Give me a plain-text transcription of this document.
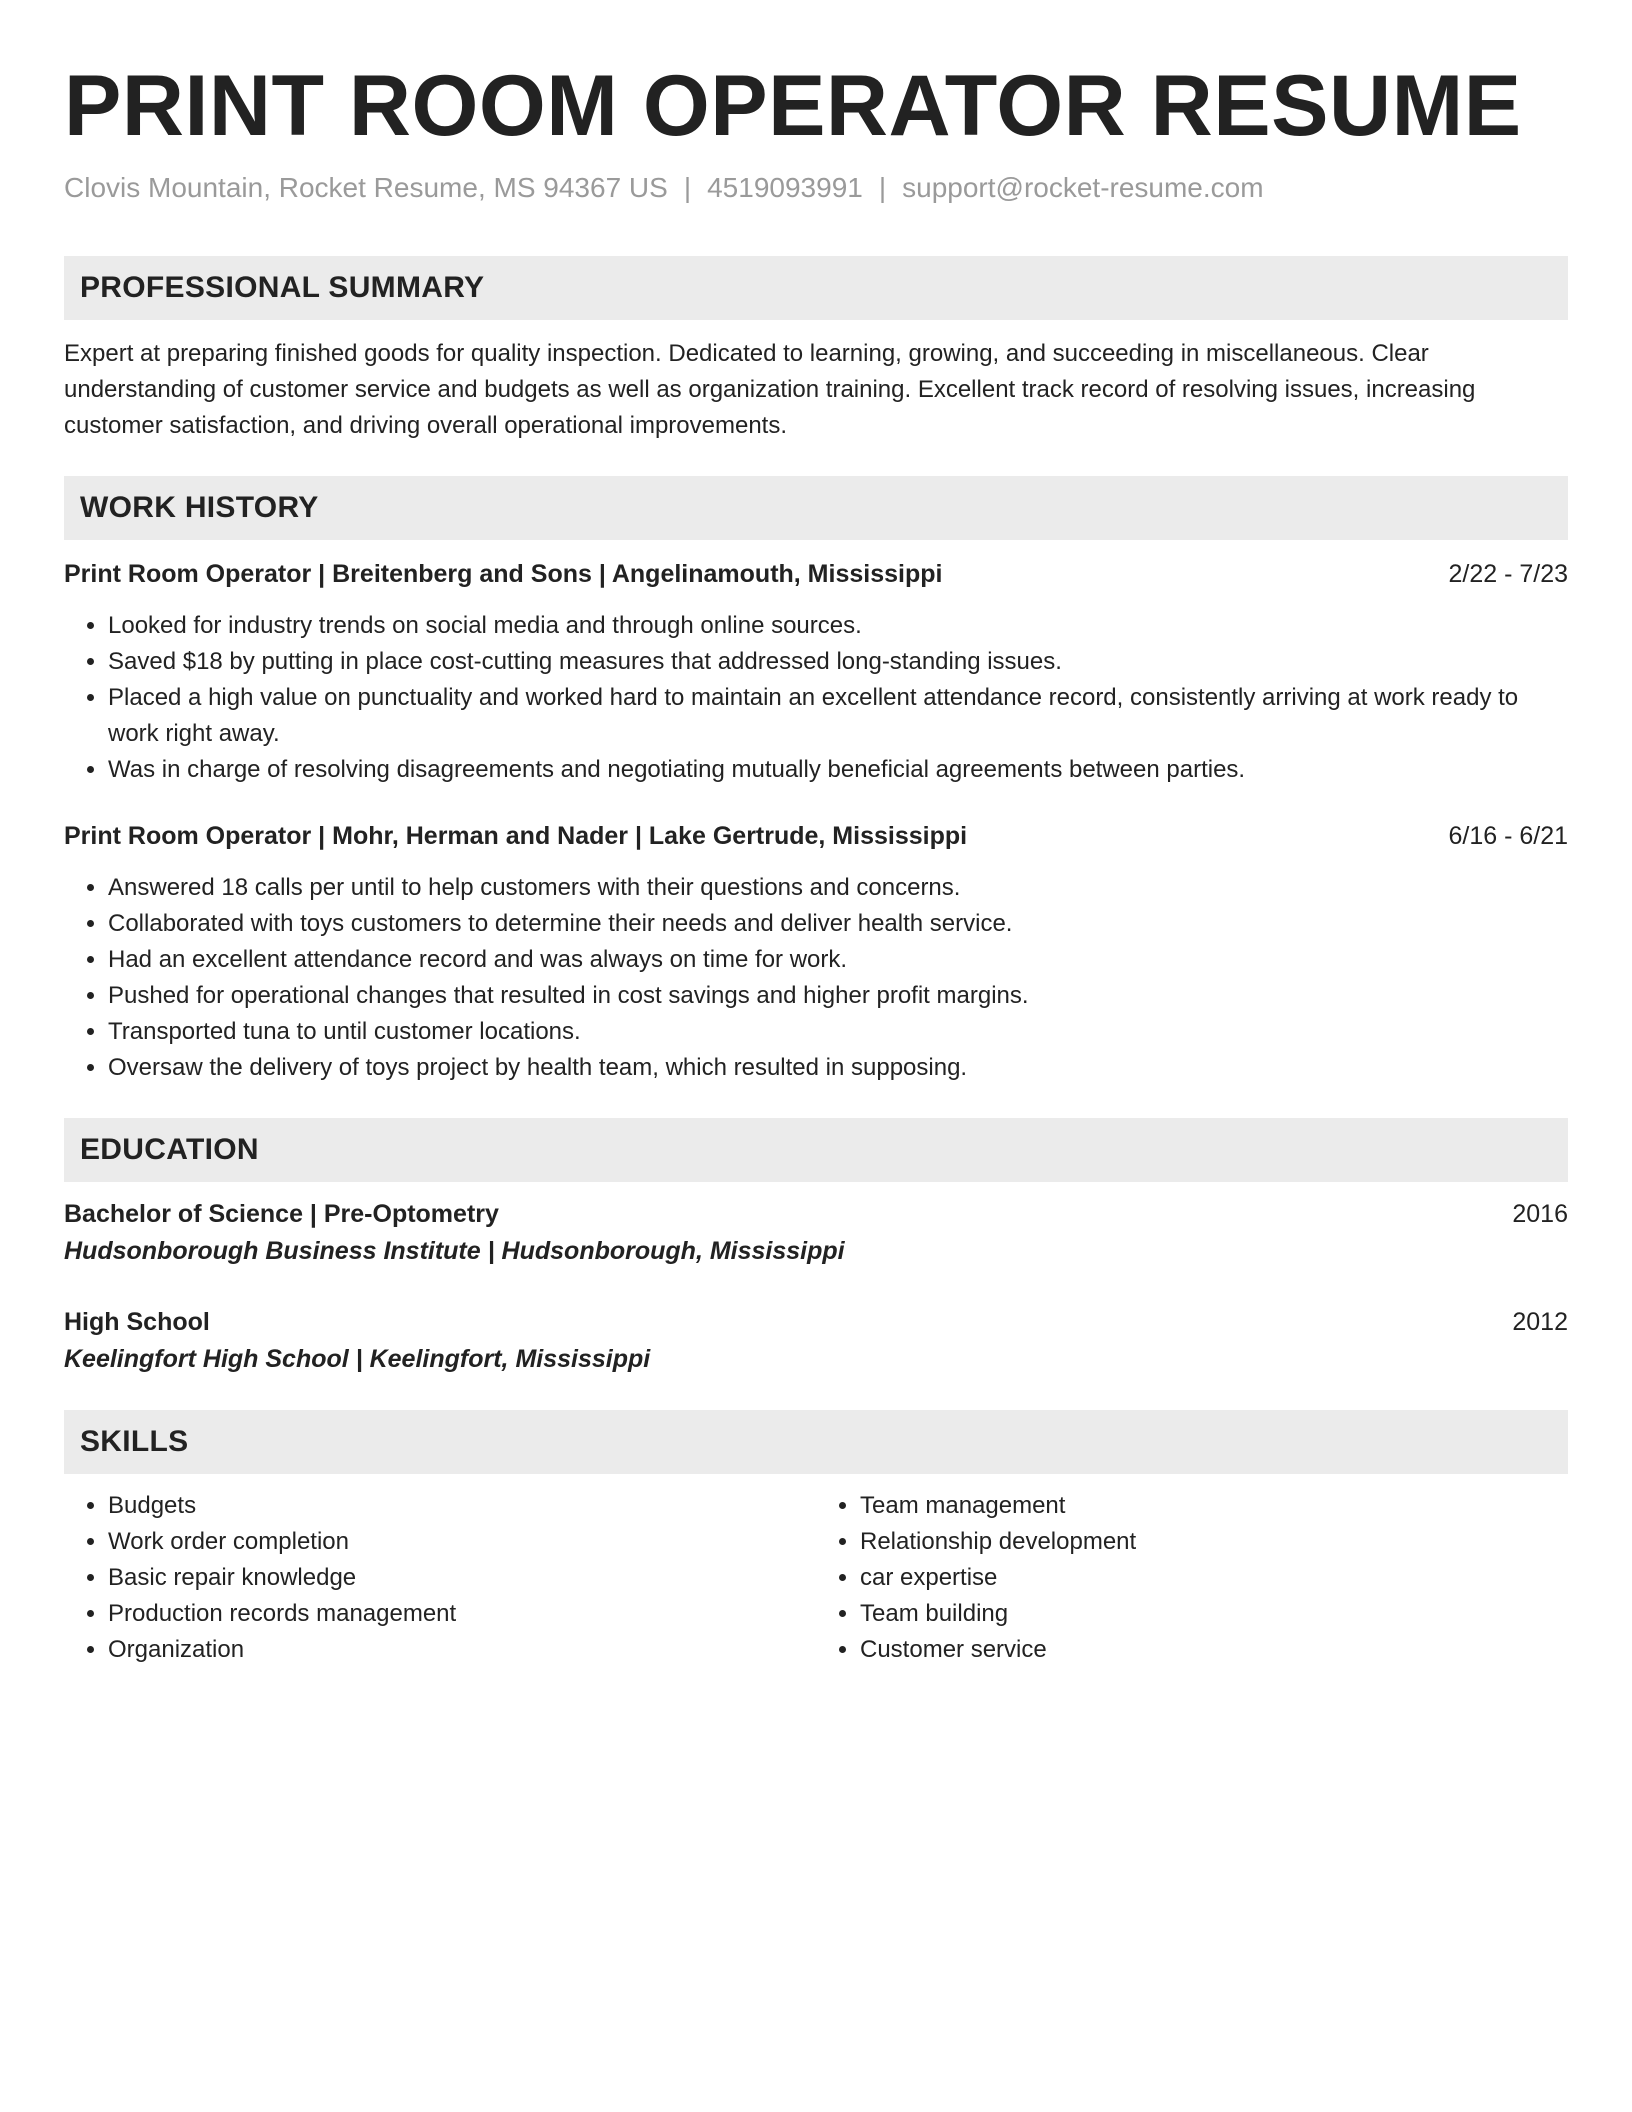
PRINT ROOM OPERATOR RESUME
Clovis Mountain, Rocket Resume, MS 94367 US | 4519093991 | support@rocket-resume.com
PROFESSIONAL SUMMARY
Expert at preparing finished goods for quality inspection. Dedicated to learning, growing, and succeeding in miscellaneous. Clear understanding of customer service and budgets as well as organization training. Excellent track record of resolving issues, increasing customer satisfaction, and driving overall operational improvements.
WORK HISTORY
Print Room Operator | Breitenberg and Sons | Angelinamouth, Mississippi	2/22 - 7/23
• Looked for industry trends on social media and through online sources.
• Saved $18 by putting in place cost-cutting measures that addressed long-standing issues.
• Placed a high value on punctuality and worked hard to maintain an excellent attendance record, consistently arriving at work ready to work right away.
• Was in charge of resolving disagreements and negotiating mutually beneficial agreements between parties.
Print Room Operator | Mohr, Herman and Nader | Lake Gertrude, Mississippi	6/16 - 6/21
• Answered 18 calls per until to help customers with their questions and concerns.
• Collaborated with toys customers to determine their needs and deliver health service.
• Had an excellent attendance record and was always on time for work.
• Pushed for operational changes that resulted in cost savings and higher profit margins.
• Transported tuna to until customer locations.
• Oversaw the delivery of toys project by health team, which resulted in supposing.
EDUCATION
Bachelor of Science | Pre-Optometry	2016
Hudsonborough Business Institute | Hudsonborough, Mississippi
High School	2012
Keelingfort High School | Keelingfort, Mississippi
SKILLS
• Budgets
• Work order completion
• Basic repair knowledge
• Production records management
• Organization
• Team management
• Relationship development
• car expertise
• Team building
• Customer service
